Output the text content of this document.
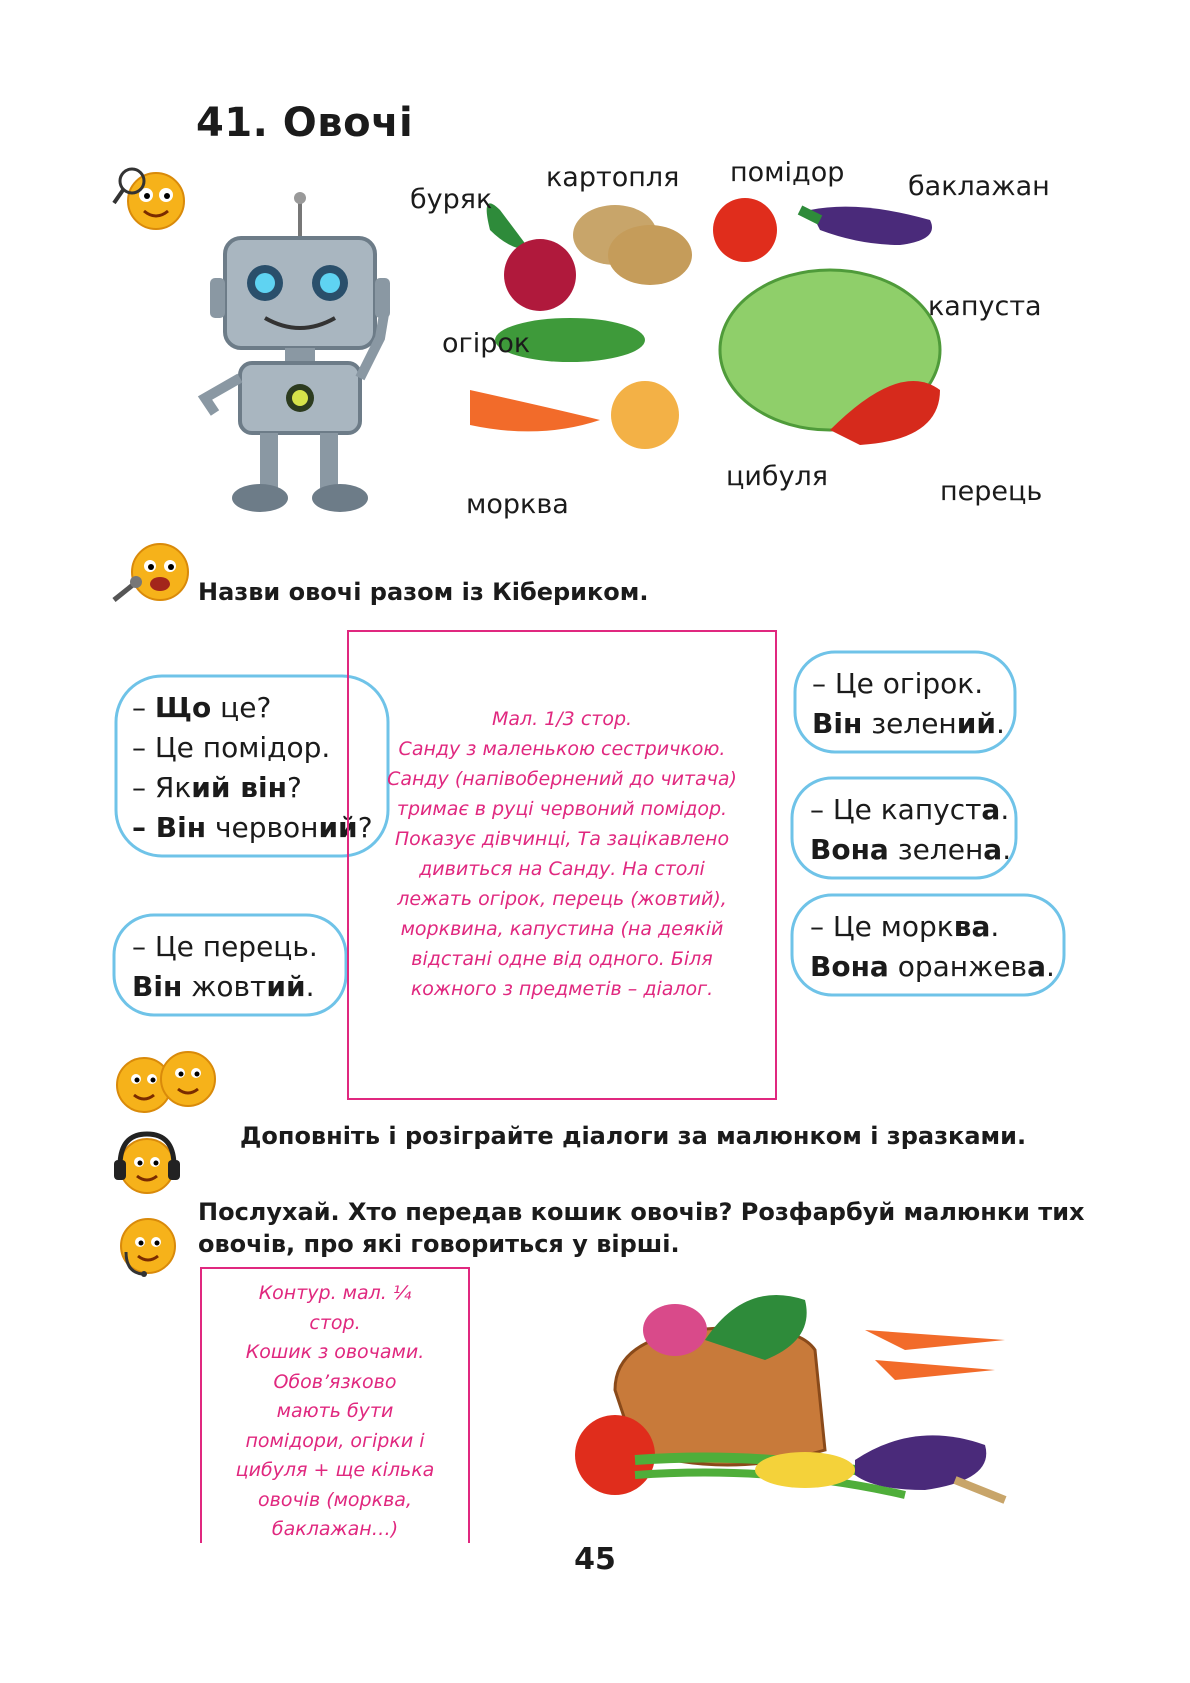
41. Овочі
буряк
картопля	помідор	баклажан
капуста
огірок
морква
цибуля	перець
Назви овочі разом із Кібериком.
– Що це?
– Це помідор.
– Який він?
– Він червоний?
– Це перець.
Він жовтий.
– Це огірок.
Він зелений.
– Це капуста.
Вона зелена.
– Це морква.
Вона оранжева.
Мал. 1/3 стор.
Санду з маленькою сестричкою.
Санду (напівобернений до читача)
тримає в руці червоний помідор.
Показує дівчинці, Та зацікавлено
дивиться на Санду. На столі
лежать огірок, перець (жовтий),
морквина, капустина (на деякій
відстані одне від одного. Біля
кожного з предметів – діалог.
Доповніть і розіграйте діалоги за малюнком і зразками.
Послухай. Хто передав кошик овочів? Розфарбуй малюнки тих овочів, про які говориться у вірші.
Контур. мал. ¼
стор.
Кошик з овочами.
Обов’язково
мають бути
помідори, огірки і
цибуля + ще кілька
овочів (морква,
баклажан…)
45
